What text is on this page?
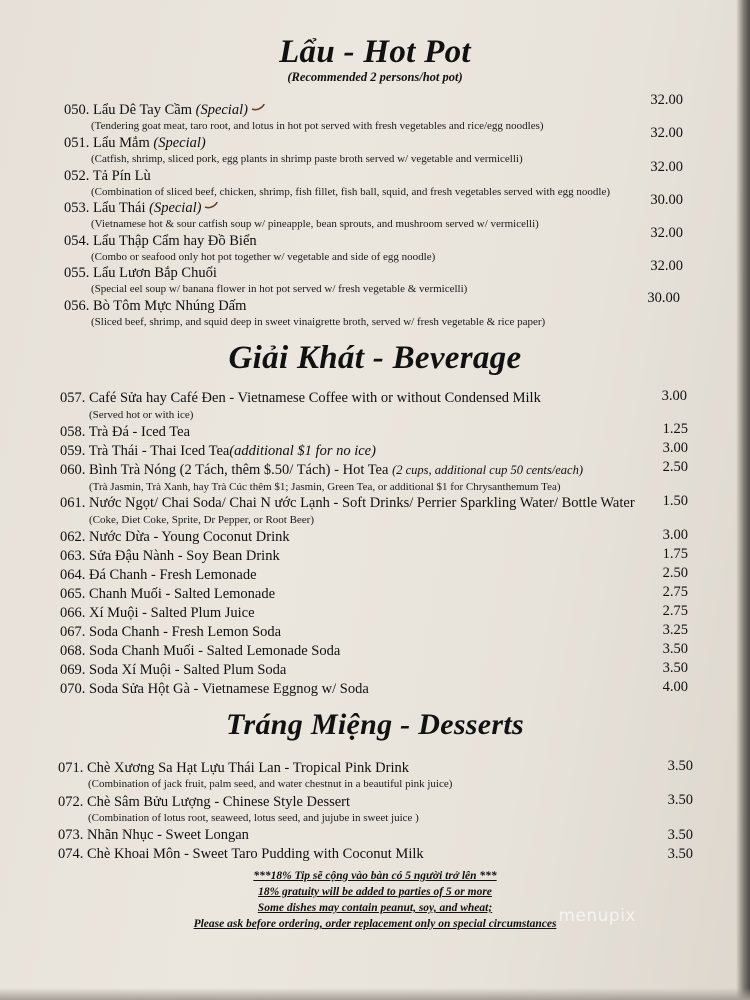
Lẩu - Hot Pot
(Recommended 2 persons/hot pot)
050. Lẩu Dê Tay Cầm (Special)
(Tendering goat meat, taro root, and lotus in hot pot served with fresh vegetables and rice/egg noodles)
32.00
051. Lẩu Mắm (Special)
(Catfish, shrimp, sliced pork, egg plants in shrimp paste broth served w/ vegetable and vermicelli)
32.00
052. Tả Pín Lù
(Combination of sliced beef, chicken, shrimp, fish fillet, fish ball, squid, and fresh vegetables served with egg noodle)
32.00
053. Lẩu Thái (Special)
(Vietnamese hot & sour catfish soup w/ pineapple, bean sprouts, and mushroom served w/ vermicelli)
30.00
054. Lẩu Thập Cẩm hay Đồ Biển
(Combo or seafood only hot pot together w/ vegetable and side of egg noodle)
32.00
055. Lẩu Lươn Bắp Chuối
(Special eel soup w/ banana flower in hot pot served w/ fresh vegetable & vermicelli)
32.00
056. Bò Tôm Mực Nhúng Dấm
(Sliced beef, shrimp, and squid deep in sweet vinaigrette broth, served w/ fresh vegetable & rice paper)
30.00
Giải Khát - Beverage
057. Café Sửa hay Café Đen - Vietnamese Coffee with or without Condensed Milk
(Served hot or with ice)
3.00
058. Trà Đá - Iced Tea	1.25
059. Trà Thái - Thai Iced Tea(additional $1 for no ice)	3.00
060. Bình Trà Nóng (2 Tách, thêm $.50/ Tách) - Hot Tea (2 cups, additional cup 50 cents/each)
(Trà Jasmin, Trà Xanh, hay Trà Cúc thêm $1; Jasmin, Green Tea, or additional $1 for Chrysanthemum Tea)
2.50
061. Nước Ngọt/ Chai Soda/ Chai N ước Lạnh - Soft Drinks/ Perrier Sparkling Water/ Bottle Water
(Coke, Diet Coke, Sprite, Dr Pepper, or Root Beer)
1.50
062. Nước Dừa - Young Coconut Drink	3.00
063. Sửa Đậu Nành - Soy Bean Drink	1.75
064. Đá Chanh - Fresh Lemonade	2.50
065. Chanh Muối - Salted Lemonade	2.75
066. Xí Muội - Salted Plum Juice	2.75
067. Soda Chanh - Fresh Lemon Soda	3.25
068. Soda Chanh Muối - Salted Lemonade Soda	3.50
069. Soda Xí Muội - Salted Plum Soda	3.50
070. Soda Sửa Hột Gà - Vietnamese Eggnog w/ Soda	4.00
Tráng Miệng - Desserts
071. Chè Xương Sa Hạt Lựu Thái Lan - Tropical Pink Drink
(Combination of jack fruit, palm seed, and water chestnut in a beautiful pink juice)
3.50
072. Chè Sâm Bửu Lượng - Chinese Style Dessert
(Combination of lotus root, seaweed, lotus seed, and jujube in sweet juice )
3.50
073. Nhãn Nhục - Sweet Longan	3.50
074. Chè Khoai Môn - Sweet Taro Pudding with Coconut Milk	3.50
***18% Tip sẽ cộng vào bàn có 5 người trở lên ***
18% gratuity will be added to parties of 5 or more
Some dishes may contain peanut, soy, and wheat;
Please ask before ordering, order replacement only on special circumstances menupix
